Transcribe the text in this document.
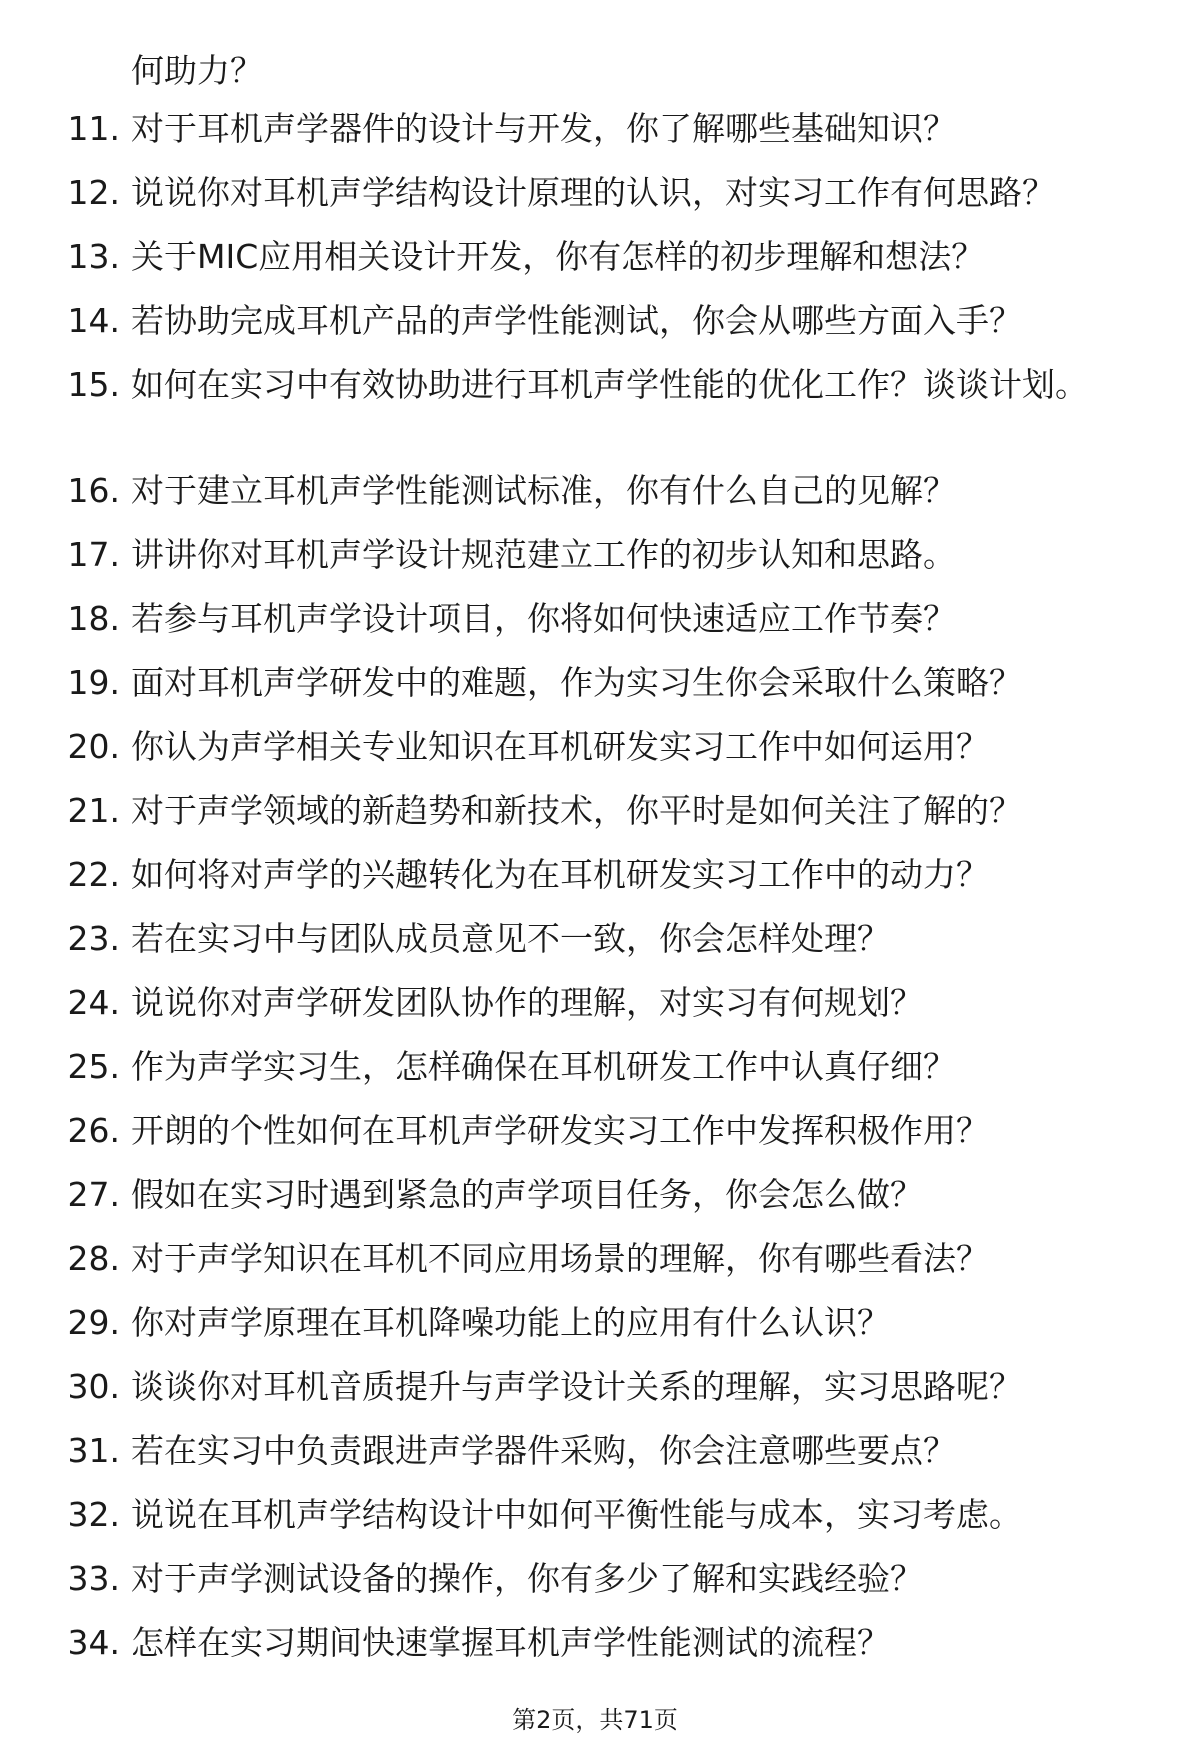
何助力？
11. 对于耳机声学器件的设计与开发，你了解哪些基础知识？
12. 说说你对耳机声学结构设计原理的认识，对实习工作有何思路？
13. 关于MIC应用相关设计开发，你有怎样的初步理解和想法？
14. 若协助完成耳机产品的声学性能测试，你会从哪些方面入手？
15. 如何在实习中有效协助进行耳机声学性能的优化工作？谈谈计划。
16. 对于建立耳机声学性能测试标准，你有什么自己的见解？
17. 讲讲你对耳机声学设计规范建立工作的初步认知和思路。
18. 若参与耳机声学设计项目，你将如何快速适应工作节奏？
19. 面对耳机声学研发中的难题，作为实习生你会采取什么策略？
20. 你认为声学相关专业知识在耳机研发实习工作中如何运用？
21. 对于声学领域的新趋势和新技术，你平时是如何关注了解的？
22. 如何将对声学的兴趣转化为在耳机研发实习工作中的动力？
23. 若在实习中与团队成员意见不一致，你会怎样处理？
24. 说说你对声学研发团队协作的理解，对实习有何规划？
25. 作为声学实习生，怎样确保在耳机研发工作中认真仔细？
26. 开朗的个性如何在耳机声学研发实习工作中发挥积极作用？
27. 假如在实习时遇到紧急的声学项目任务，你会怎么做？
28. 对于声学知识在耳机不同应用场景的理解，你有哪些看法？
29. 你对声学原理在耳机降噪功能上的应用有什么认识？
30. 谈谈你对耳机音质提升与声学设计关系的理解，实习思路呢？
31. 若在实习中负责跟进声学器件采购，你会注意哪些要点？
32. 说说在耳机声学结构设计中如何平衡性能与成本，实习考虑。
33. 对于声学测试设备的操作，你有多少了解和实践经验？
34. 怎样在实习期间快速掌握耳机声学性能测试的流程？
第2页，共71页
